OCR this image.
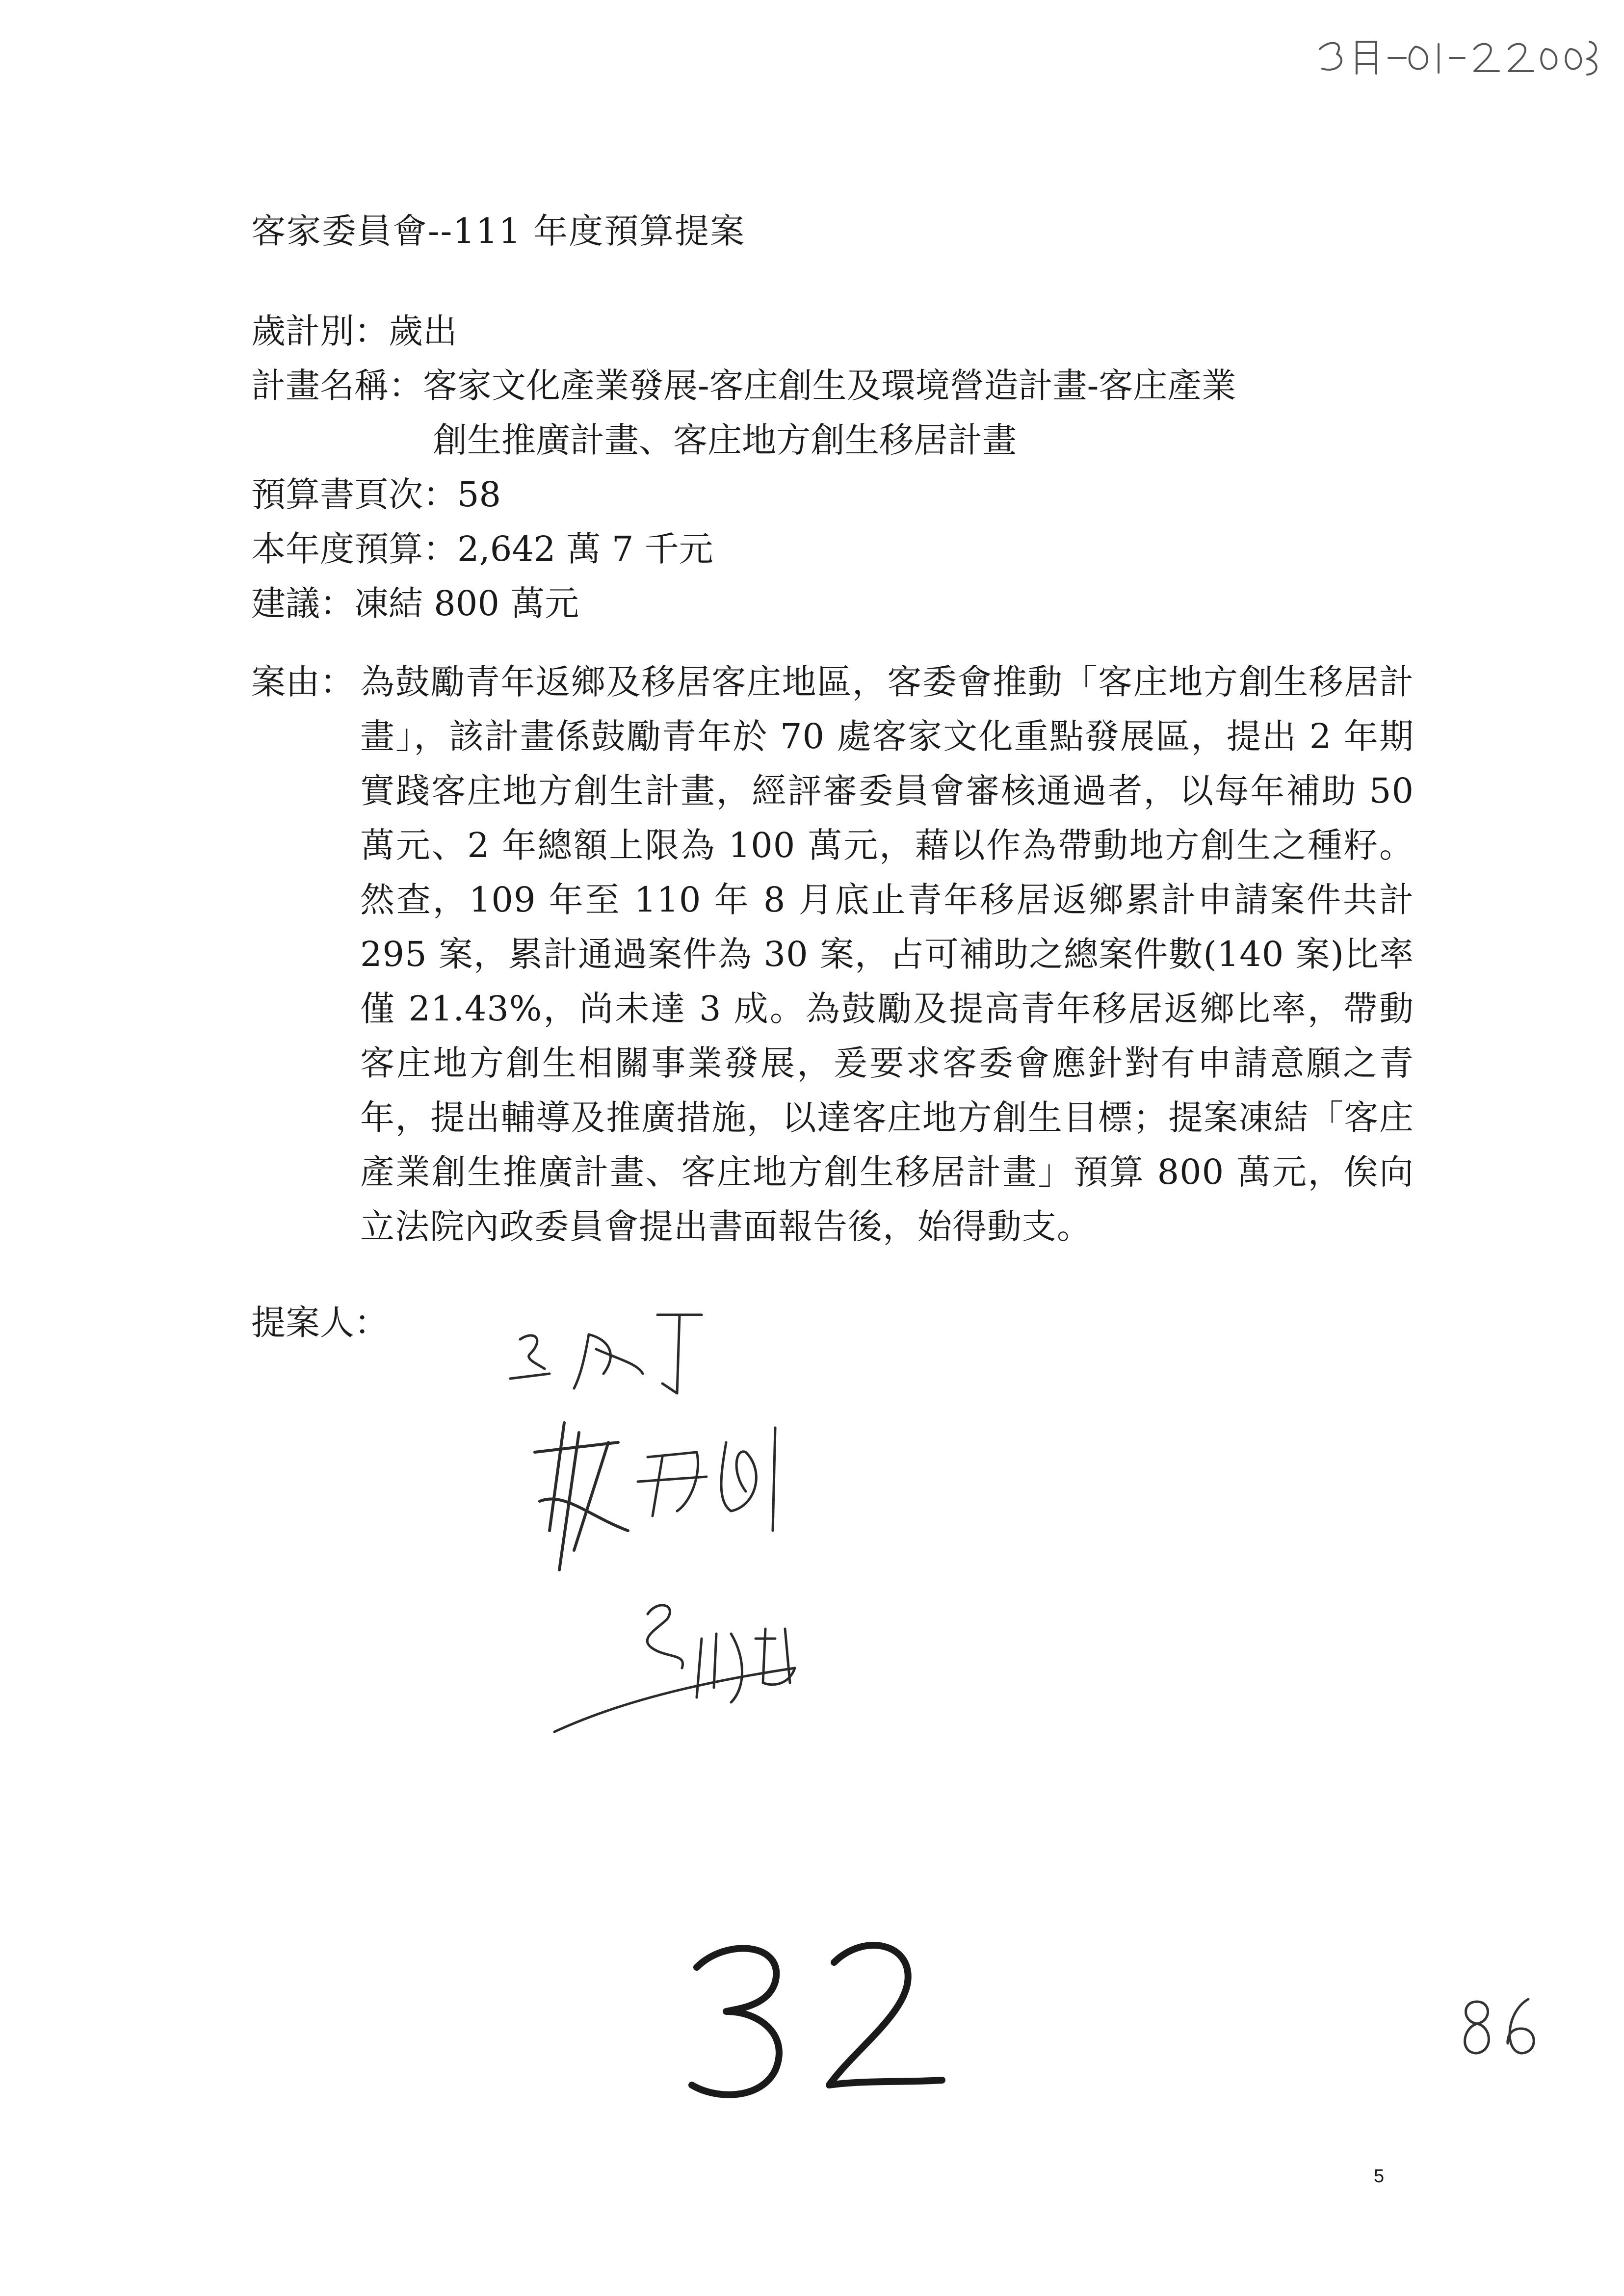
客家委員會--111 年度預算提案
歲計別：歲出
計畫名稱：客家文化產業發展-客庄創生及環境營造計畫-客庄產業
創生推廣計畫、客庄地方創生移居計畫
預算書頁次：58
本年度預算：2,642 萬 7 千元
建議：凍結 800 萬元
案由： 為鼓勵青年返鄉及移居客庄地區，客委會推動「客庄地方創生移居計畫」，該計畫係鼓勵青年於 70 處客家文化重點發展區，提出 2 年期實踐客庄地方創生計畫，經評審委員會審核通過者，以每年補助 50 萬元、2 年總額上限為 100 萬元，藉以作為帶動地方創生之種籽。然查，109 年至 110 年 8 月底止青年移居返鄉累計申請案件共計 295 案，累計通過案件為 30 案，占可補助之總案件數(140 案)比率僅 21.43%，尚未達 3 成。為鼓勵及提高青年移居返鄉比率，帶動客庄地方創生相關事業發展，爰要求客委會應針對有申請意願之青年，提出輔導及推廣措施，以達客庄地方創生目標；提案凍結「客庄產業創生推廣計畫、客庄地方創生移居計畫」預算 800 萬元，俟向立法院內政委員會提出書面報告後，始得動支。
提案人：
5
